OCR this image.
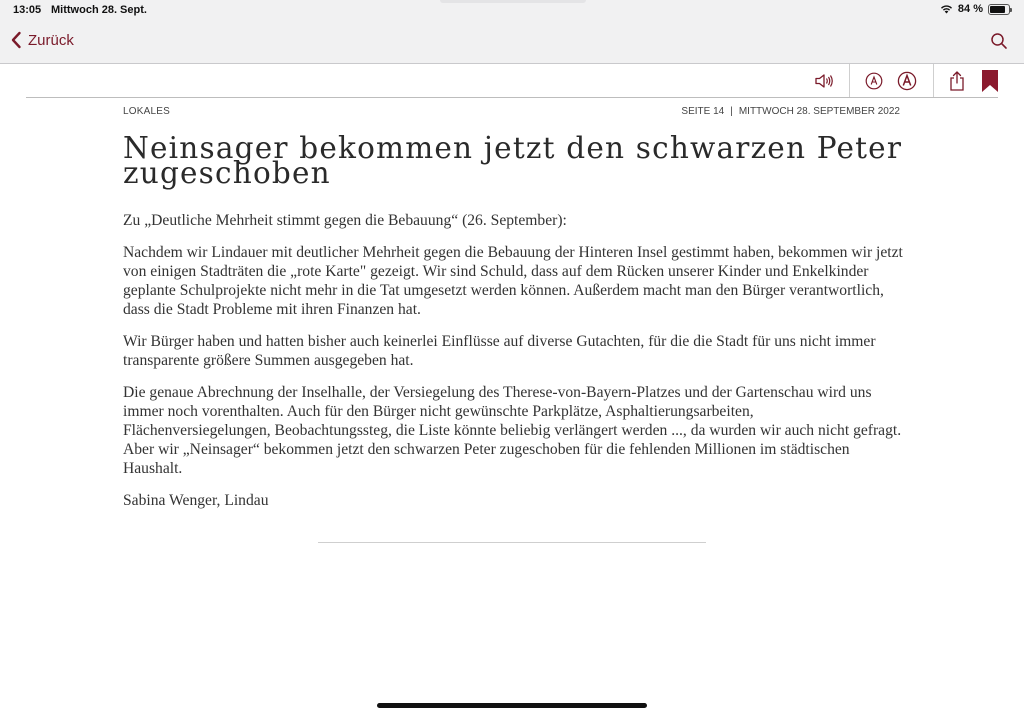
13:05 Mittwoch 28. Sept.	84 %
Zurück
LOKALES	SEITE 14 | MITTWOCH 28. SEPTEMBER 2022
Neinsager bekommen jetzt den schwarzen Peter
zugeschoben

Zu „Deutliche Mehrheit stimmt gegen die Bebauung“ (26. September):

Nachdem wir Lindauer mit deutlicher Mehrheit gegen die Bebauung der Hinteren Insel gestimmt haben, bekommen wir jetzt von einigen Stadträten die „rote Karte" gezeigt. Wir sind Schuld, dass auf dem Rücken unserer Kinder und Enkelkinder geplante Schulprojekte nicht mehr in die Tat umgesetzt werden können. Außerdem macht man den Bürger verantwortlich, dass die Stadt Probleme mit ihren Finanzen hat.

Wir Bürger haben und hatten bisher auch keinerlei Einflüsse auf diverse Gutachten, für die die Stadt für uns nicht immer transparente größere Summen ausgegeben hat.

Die genaue Abrechnung der Inselhalle, der Versiegelung des Therese-von-Bayern-Platzes und der Gartenschau wird uns immer noch vorenthalten. Auch für den Bürger nicht gewünschte Parkplätze, Asphaltierungsarbeiten, Flächenversiegelungen, Beobachtungssteg, die Liste könnte beliebig verlängert werden ..., da wurden wir auch nicht gefragt. Aber wir „Neinsager“ bekommen jetzt den schwarzen Peter zugeschoben für die fehlenden Millionen im städtischen Haushalt.

Sabina Wenger, Lindau
